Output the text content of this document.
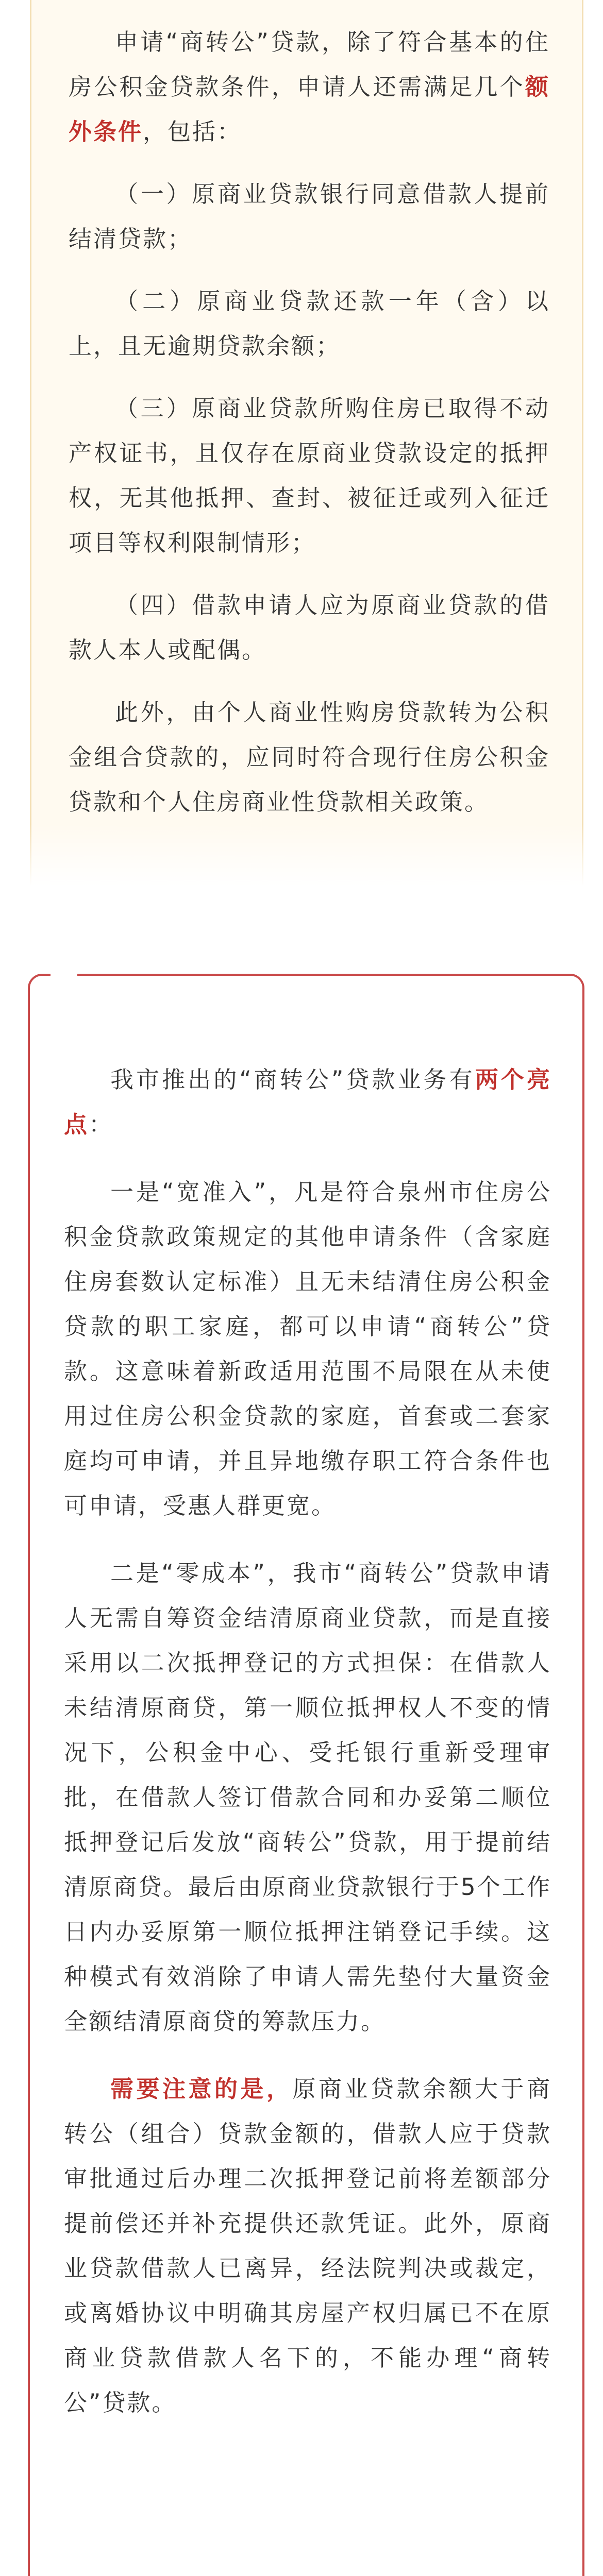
申请“商转公”贷款，除了符合基本的住房公积金贷款条件，申请人还需满足几个额外条件，包括：

（一）原商业贷款银行同意借款人提前结清贷款；

（二）原商业贷款还款一年（含）以上，且无逾期贷款余额；

（三）原商业贷款所购住房已取得不动产权证书，且仅存在原商业贷款设定的抵押权，无其他抵押、查封、被征迁或列入征迁项目等权利限制情形；

（四）借款申请人应为原商业贷款的借款人本人或配偶。

此外，由个人商业性购房贷款转为公积金组合贷款的，应同时符合现行住房公积金贷款和个人住房商业性贷款相关政策。

我市推出的“商转公”贷款业务有两个亮点：

一是“宽准入”，凡是符合泉州市住房公积金贷款政策规定的其他申请条件（含家庭住房套数认定标准）且无未结清住房公积金贷款的职工家庭，都可以申请“商转公”贷款。这意味着新政适用范围不局限在从未使用过住房公积金贷款的家庭，首套或二套家庭均可申请，并且异地缴存职工符合条件也可申请，受惠人群更宽。

二是“零成本”，我市“商转公”贷款申请人无需自筹资金结清原商业贷款，而是直接采用以二次抵押登记的方式担保：在借款人未结清原商贷，第一顺位抵押权人不变的情况下，公积金中心、受托银行重新受理审批，在借款人签订借款合同和办妥第二顺位抵押登记后发放“商转公”贷款，用于提前结清原商贷。最后由原商业贷款银行于5个工作日内办妥原第一顺位抵押注销登记手续。这种模式有效消除了申请人需先垫付大量资金全额结清原商贷的筹款压力。

需要注意的是，原商业贷款余额大于商转公（组合）贷款金额的，借款人应于贷款审批通过后办理二次抵押登记前将差额部分提前偿还并补充提供还款凭证。此外，原商业贷款借款人已离异，经法院判决或裁定，或离婚协议中明确其房屋产权归属已不在原商业贷款借款人名下的，不能办理“商转公”贷款。
